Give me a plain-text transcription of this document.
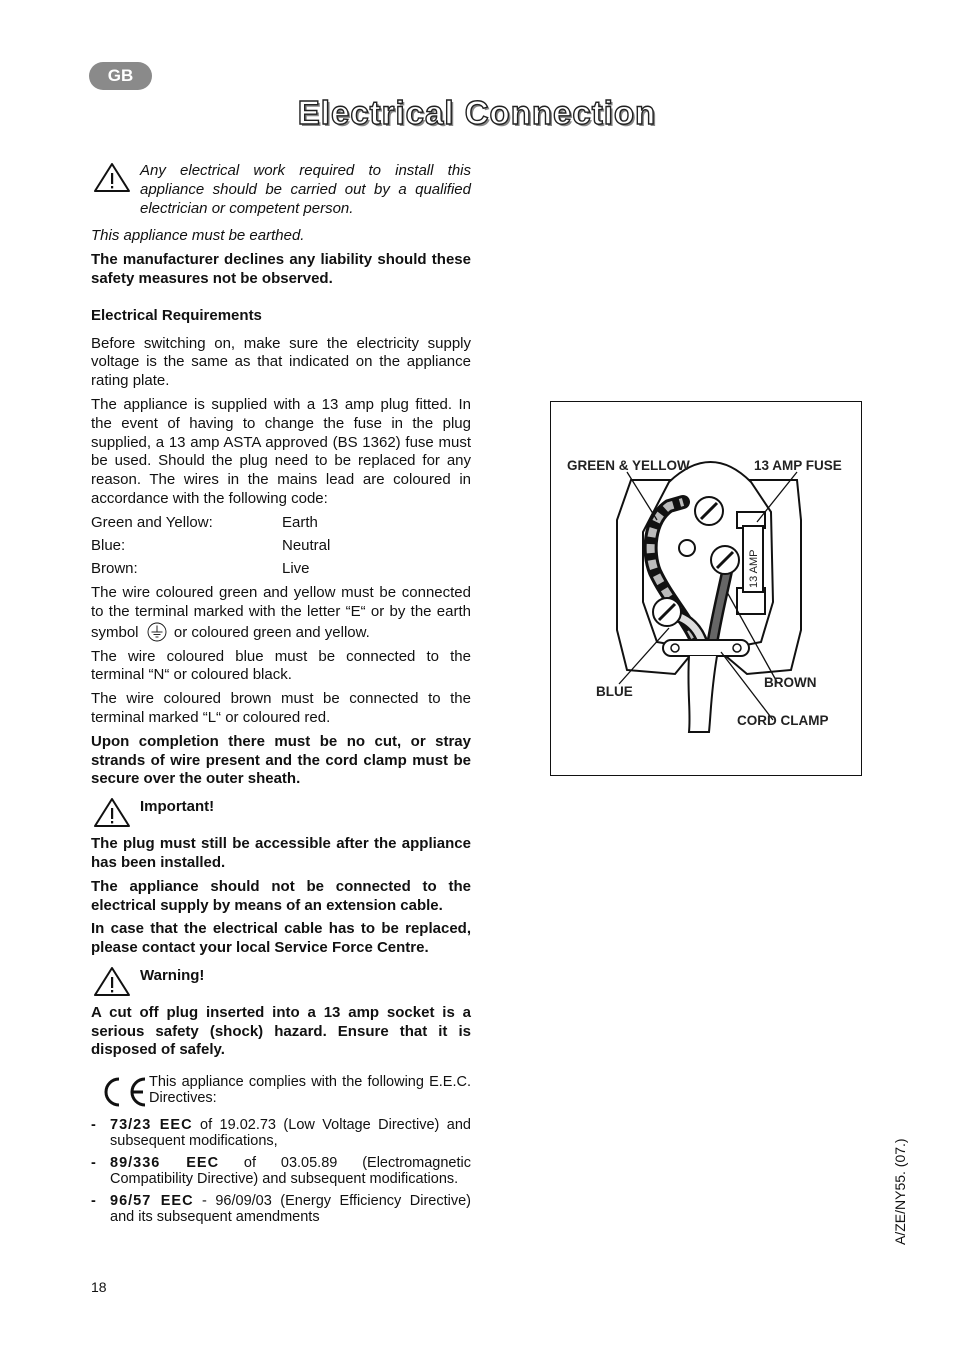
GB
Electrical Connection

Any electrical work required to install this appliance should be carried out by a qualified electrician or competent person.

This appliance must be earthed.

The manufacturer declines any liability should these safety measures not be observed.

Electrical Requirements

Before switching on, make sure the electricity supply voltage is the same as that indicated on the appliance rating plate.

The appliance is supplied with a 13 amp plug fitted. In the event of having to change the fuse in the plug supplied, a 13 amp ASTA approved (BS 1362) fuse must be used. Should the plug need to be replaced for any reason. The wires in the mains lead are coloured in accordance with the following code:

Green and Yellow:	Earth
Blue:	Neutral
Brown:	Live

The wire coloured green and yellow must be connected to the terminal marked with the letter “E“ or by the earth symbol or coloured green and yellow.

The wire coloured blue must be connected to the terminal “N“ or coloured black.

The wire coloured brown must be connected to the terminal marked “L“ or coloured red.

Upon completion there must be no cut, or stray strands of wire present and the cord clamp must be secure over the outer sheath.

Important!

The plug must still be accessible after the appliance has been installed.

The appliance should not be connected to the electrical supply by means of an extension cable.

In case that the electrical cable has to be replaced, please contact your local Service Force Centre.

Warning!

A cut off plug inserted into a 13 amp socket is a serious safety (shock) hazard. Ensure that it is disposed of safely.

This appliance complies with the following E.E.C. Directives:

- 73/23 EEC of 19.02.73 (Low Voltage Directive) and subsequent modifications,
- 89/336 EEC of 03.05.89 (Electromagnetic Compatibility Directive) and subsequent modifications.
- 96/57 EEC - 96/09/03 (Energy Efficiency Directive) and its subsequent amendments
13 AMP
GREEN & YELLOW	13 AMP FUSE
BLUE
BROWN
CORD CLAMP
18
A/ZE/NY55. (07.)
